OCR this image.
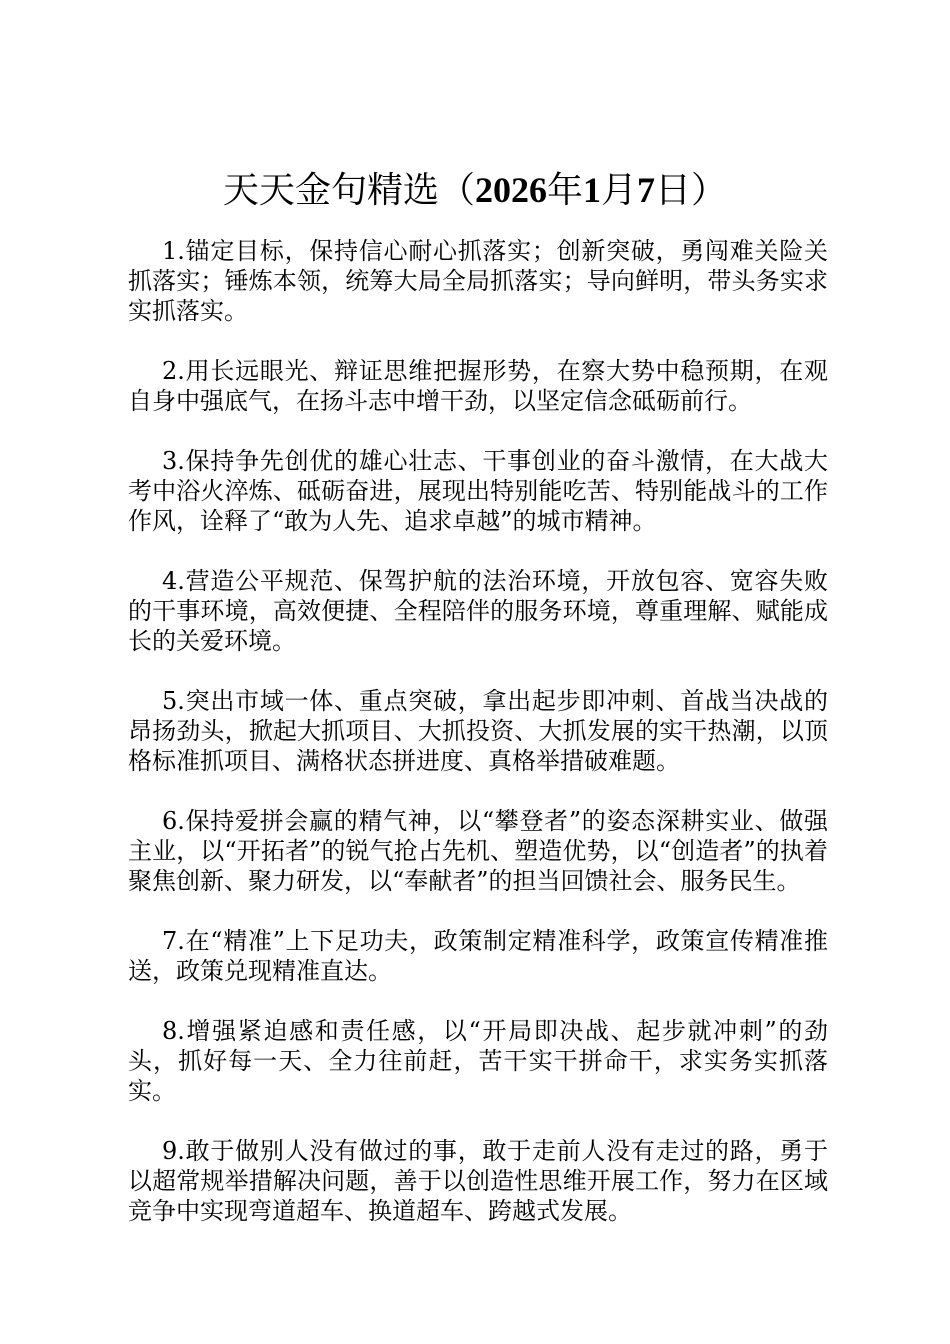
天天金句精选（2026年1月7日）

1.锚定目标，保持信心耐心抓落实；创新突破，勇闯难关险关抓落实；锤炼本领，统筹大局全局抓落实；导向鲜明，带头务实求实抓落实。

2.用长远眼光、辩证思维把握形势，在察大势中稳预期，在观自身中强底气，在扬斗志中增干劲，以坚定信念砥砺前行。

3.保持争先创优的雄心壮志、干事创业的奋斗激情，在大战大考中浴火淬炼、砥砺奋进，展现出特别能吃苦、特别能战斗的工作作风，诠释了“敢为人先、追求卓越”的城市精神。

4.营造公平规范、保驾护航的法治环境，开放包容、宽容失败的干事环境，高效便捷、全程陪伴的服务环境，尊重理解、赋能成长的关爱环境。

5.突出市域一体、重点突破，拿出起步即冲刺、首战当决战的昂扬劲头，掀起大抓项目、大抓投资、大抓发展的实干热潮，以顶格标准抓项目、满格状态拼进度、真格举措破难题。

6.保持爱拼会赢的精气神，以“攀登者”的姿态深耕实业、做强主业，以“开拓者”的锐气抢占先机、塑造优势，以“创造者”的执着聚焦创新、聚力研发，以“奉献者”的担当回馈社会、服务民生。

7.在“精准”上下足功夫，政策制定精准科学，政策宣传精准推送，政策兑现精准直达。

8.增强紧迫感和责任感，以“开局即决战、起步就冲刺”的劲头，抓好每一天、全力往前赶，苦干实干拼命干，求实务实抓落实。

9.敢于做别人没有做过的事，敢于走前人没有走过的路，勇于以超常规举措解决问题，善于以创造性思维开展工作，努力在区域竞争中实现弯道超车、换道超车、跨越式发展。
